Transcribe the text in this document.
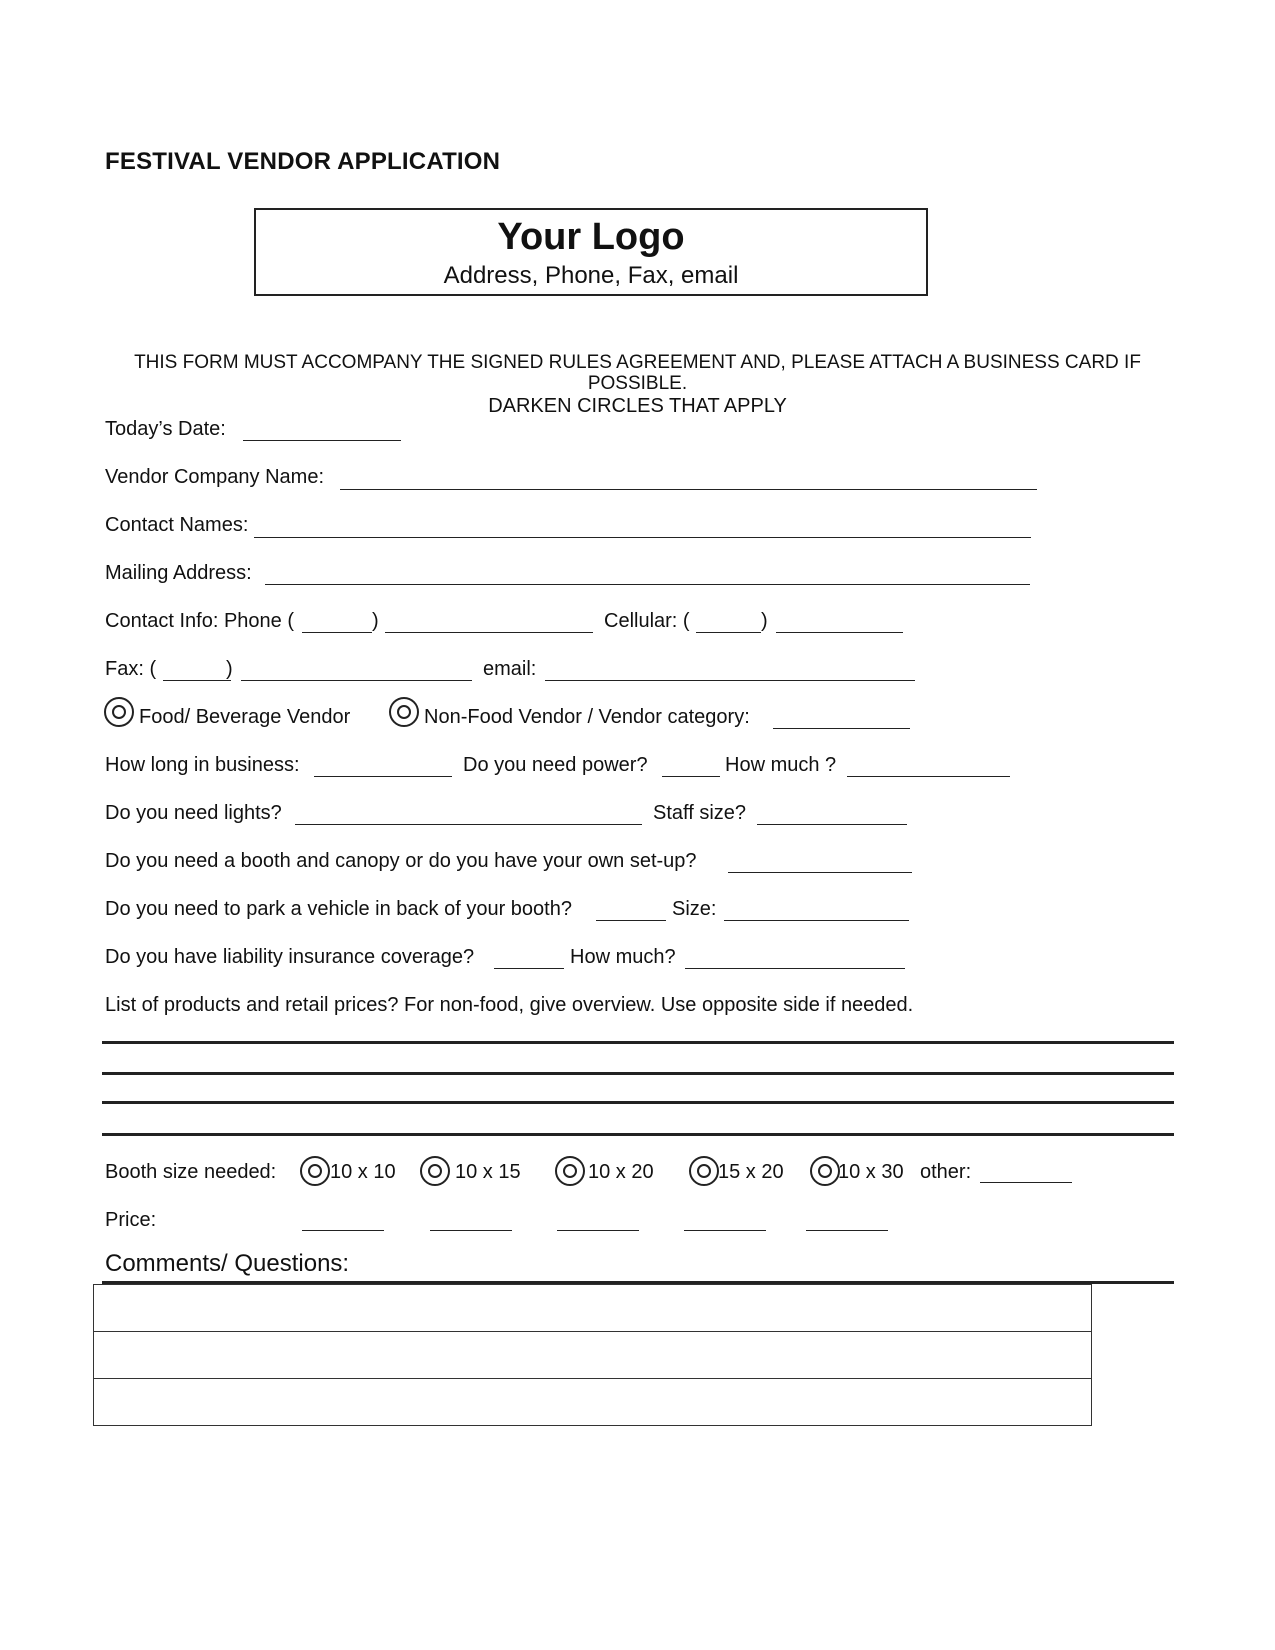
FESTIVAL VENDOR APPLICATION
Your Logo
Address, Phone, Fax, email
THIS FORM MUST ACCOMPANY THE SIGNED RULES AGREEMENT AND, PLEASE ATTACH A BUSINESS CARD IF POSSIBLE.
DARKEN CIRCLES THAT APPLY
Today’s Date:
Vendor Company Name:
Contact Names:
Mailing Address:
Contact Info: Phone (	)	Cellular: (	)
Fax: (	)	email:
Food/ Beverage Vendor	Non-Food Vendor / Vendor category:
How long in business:	Do you need power?	How much ?
Do you need lights?	Staff size?
Do you need a booth and canopy or do you have your own set-up?
Do you need to park a vehicle in back of your booth?	Size:
Do you have liability insurance coverage?	How much?
List of products and retail prices? For non-food, give overview. Use opposite side if needed.
Booth size needed:	10 x 10	10 x 15	10 x 20	15 x 20	10 x 30 other:
Price:
Comments/ Questions:
